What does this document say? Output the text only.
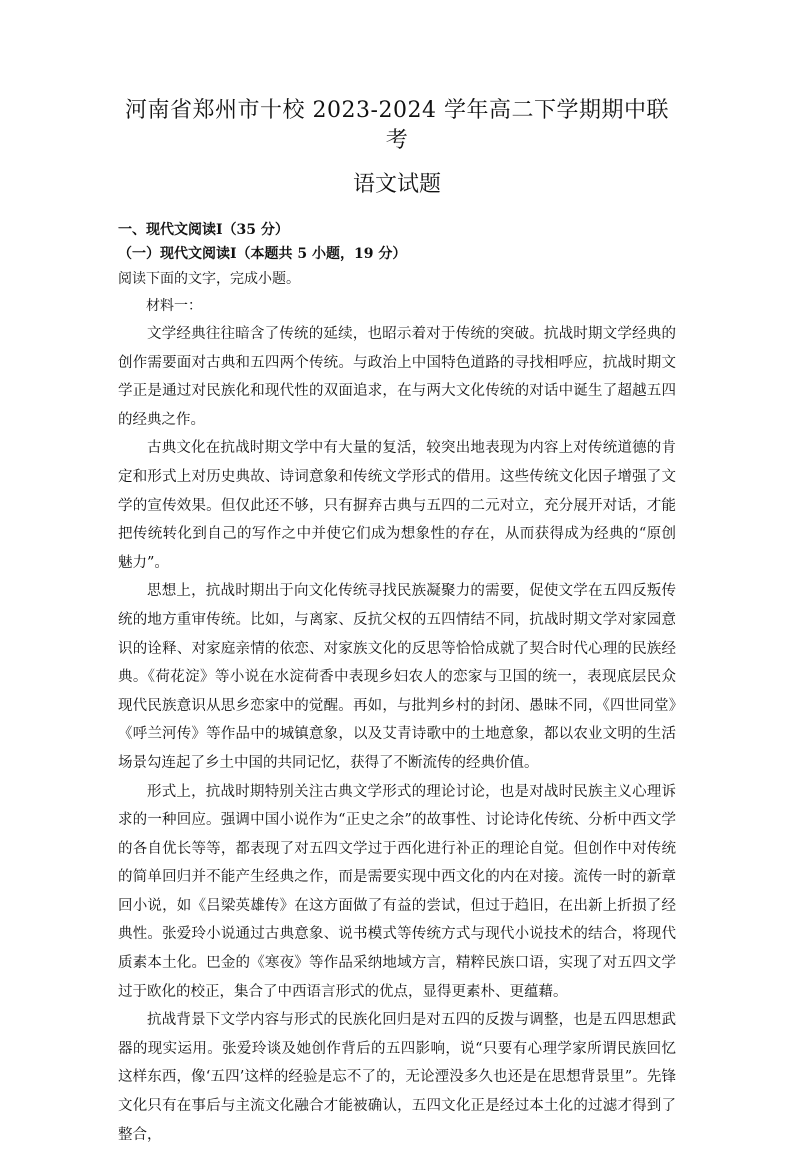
河南省郑州市十校 2023-2024 学年高二下学期期中联考
语文试题

一、现代文阅读Ⅰ（35 分）

（一）现代文阅读Ⅰ（本题共 5 小题，19 分）

阅读下面的文字，完成小题。

材料一：

文学经典往往暗含了传统的延续，也昭示着对于传统的突破。抗战时期文学经典的创作需要面对古典和五四两个传统。与政治上中国特色道路的寻找相呼应，抗战时期文学正是通过对民族化和现代性的双面追求，在与两大文化传统的对话中诞生了超越五四的经典之作。

古典文化在抗战时期文学中有大量的复活，较突出地表现为内容上对传统道德的肯定和形式上对历史典故、诗词意象和传统文学形式的借用。这些传统文化因子增强了文学的宣传效果。但仅此还不够，只有摒弃古典与五四的二元对立，充分展开对话，才能把传统转化到自己的写作之中并使它们成为想象性的存在，从而获得成为经典的“原创魅力”。

思想上，抗战时期出于向文化传统寻找民族凝聚力的需要，促使文学在五四反叛传统的地方重审传统。比如，与离家、反抗父权的五四情结不同，抗战时期文学对家园意识的诠释、对家庭亲情的依恋、对家族文化的反思等恰恰成就了契合时代心理的民族经典。《荷花淀》等小说在水淀荷香中表现乡妇农人的恋家与卫国的统一，表现底层民众现代民族意识从思乡恋家中的觉醒。再如，与批判乡村的封闭、愚昧不同，《四世同堂》《呼兰河传》等作品中的城镇意象，以及艾青诗歌中的土地意象，都以农业文明的生活场景勾连起了乡土中国的共同记忆，获得了不断流传的经典价值。

形式上，抗战时期特别关注古典文学形式的理论讨论，也是对战时民族主义心理诉求的一种回应。强调中国小说作为“正史之余”的故事性、讨论诗化传统、分析中西文学的各自优长等等，都表现了对五四文学过于西化进行补正的理论自觉。但创作中对传统的简单回归并不能产生经典之作，而是需要实现中西文化的内在对接。流传一时的新章回小说，如《吕梁英雄传》在这方面做了有益的尝试，但过于趋旧，在出新上折损了经典性。张爱玲小说通过古典意象、说书模式等传统方式与现代小说技术的结合，将现代质素本土化。巴金的《寒夜》等作品采纳地域方言，精粹民族口语，实现了对五四文学过于欧化的校正，集合了中西语言形式的优点，显得更素朴、更蕴藉。

抗战背景下文学内容与形式的民族化回归是对五四的反拨与调整，也是五四思想武器的现实运用。张爱玲谈及她创作背后的五四影响，说“只要有心理学家所谓民族回忆这样东西，像‘五四’这样的经验是忘不了的，无论湮没多久也还是在思想背景里”。先锋文化只有在事后与主流文化融合才能被确认，五四文化正是经过本土化的过滤才得到了整合，
